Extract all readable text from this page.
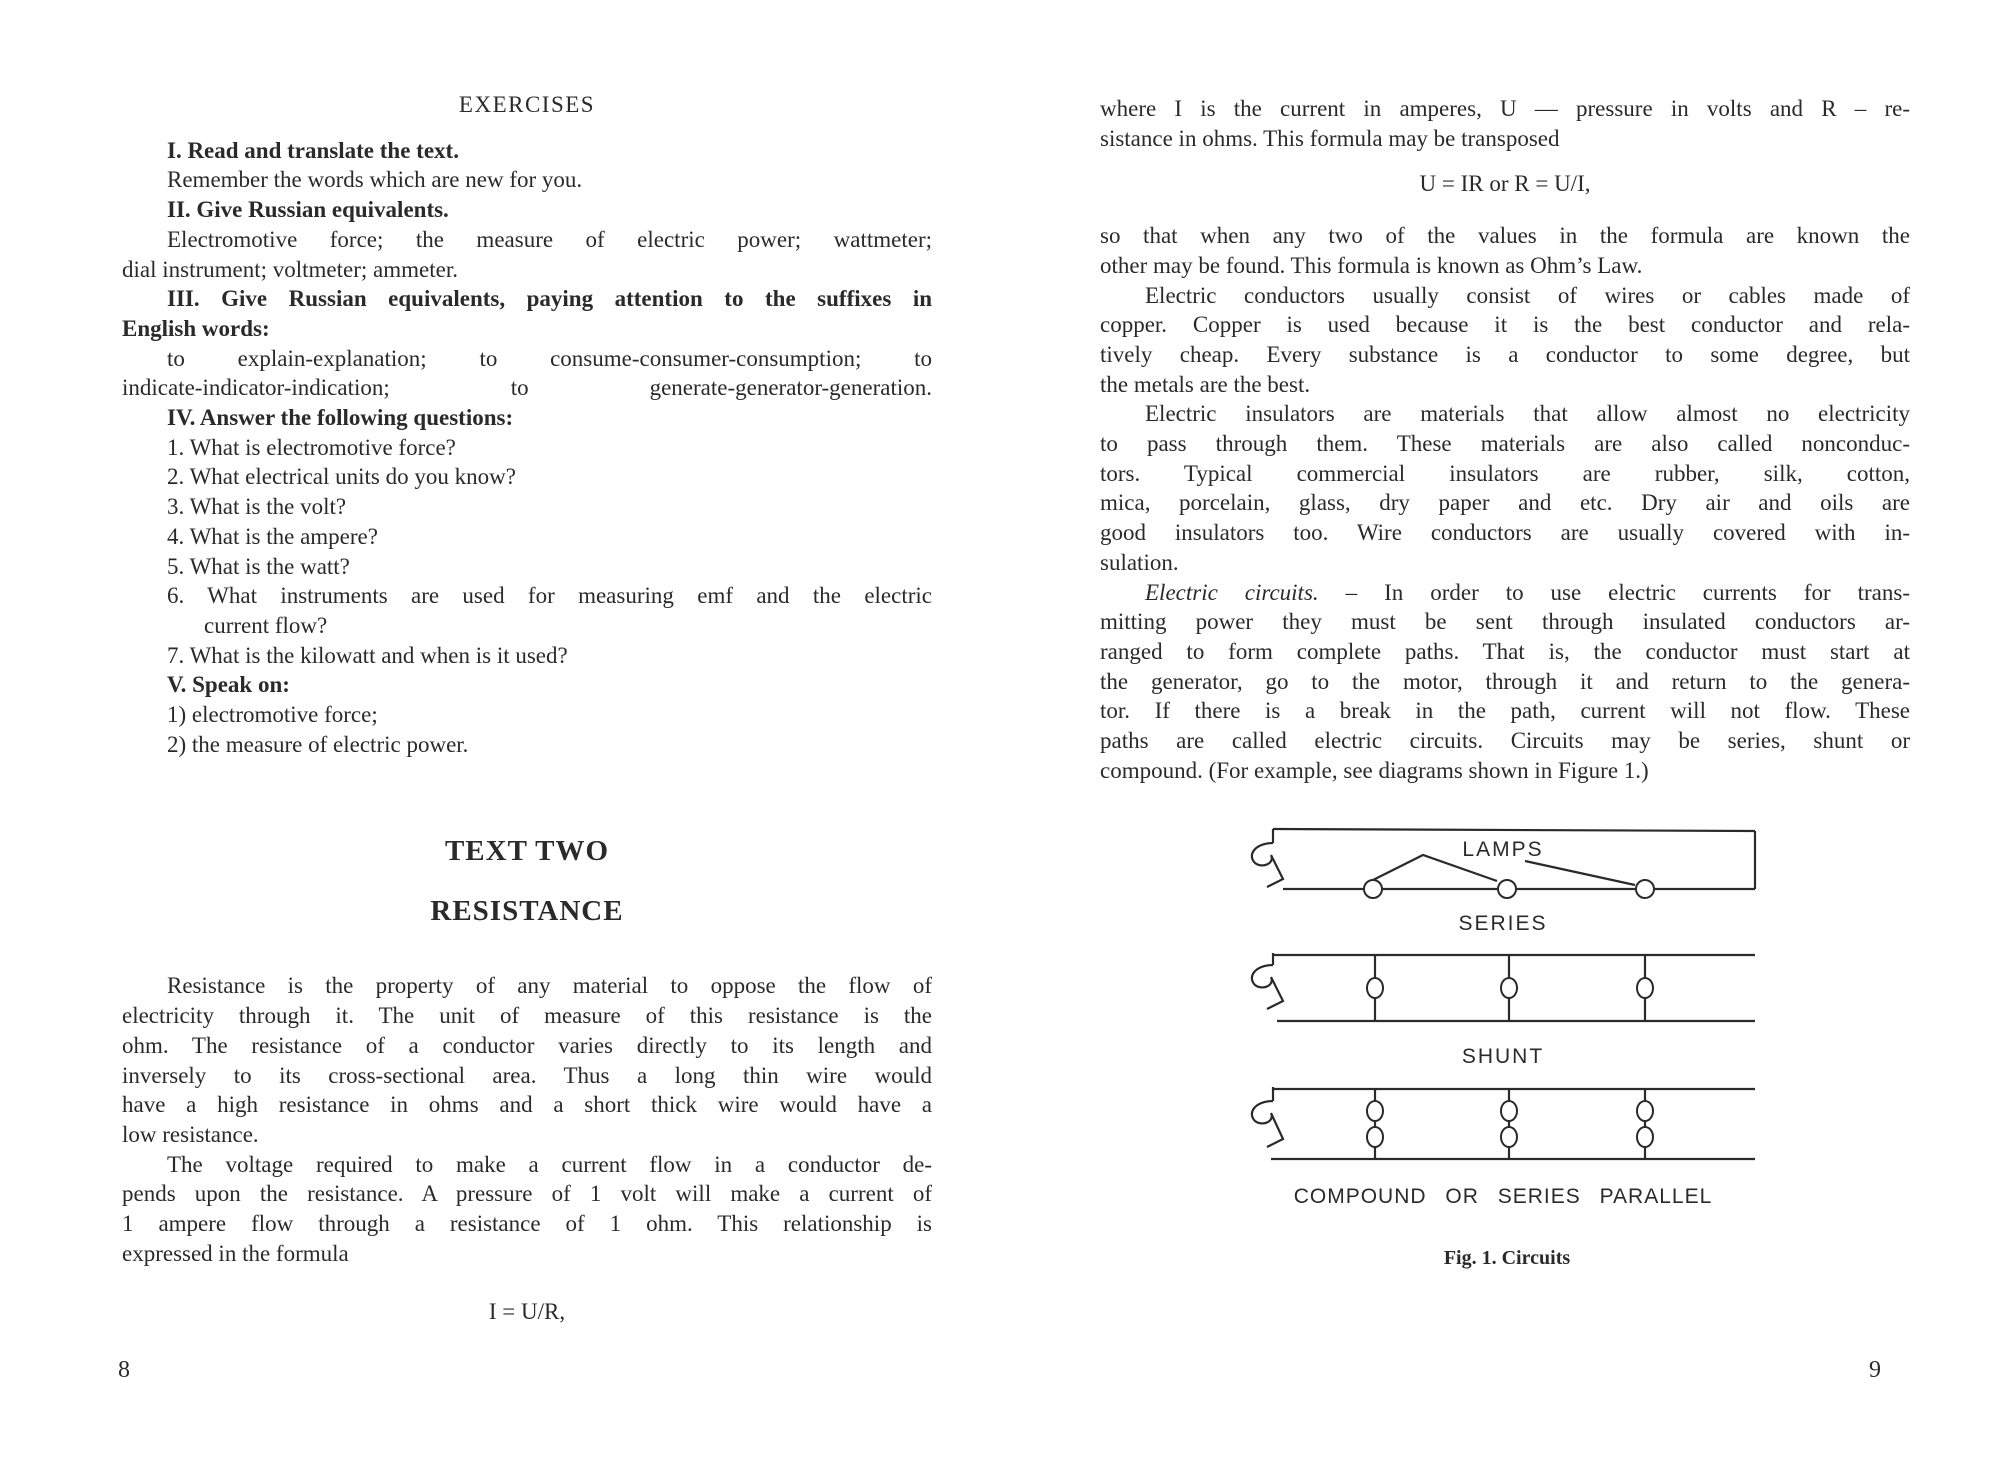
EXERCISES

I. Read and translate the text.

Remember the words which are new for you.

II. Give Russian equivalents.

Electromotive force; the measure of electric power; wattmeter;

dial instrument; voltmeter; ammeter.

III. Give Russian equivalents, paying attention to the suffixes in

English words:

to explain-explanation; to consume-consumer-consumption; to

indicate-indicator-indication; to generate-generator-generation.

IV. Answer the following questions:

1. What is electromotive force?

2. What electrical units do you know?

3. What is the volt?

4. What is the ampere?

5. What is the watt?

6. What instruments are used for measuring emf and the electric

current flow?

7. What is the kilowatt and when is it used?

V. Speak on:

1) electromotive force;

2) the measure of electric power.

TEXT TWO

RESISTANCE

Resistance is the property of any material to oppose the flow of

electricity through it. The unit of measure of this resistance is the

ohm. The resistance of a conductor varies directly to its length and

inversely to its cross-sectional area. Thus a long thin wire would

have a high resistance in ohms and a short thick wire would have a

low resistance.

The voltage required to make a current flow in a conductor de-

pends upon the resistance. A pressure of 1 volt will make a current of

1 ampere flow through a resistance of 1 ohm. This relationship is

expressed in the formula

I = U/R,

8

where I is the current in amperes, U — pressure in volts and R – re-

sistance in ohms. This formula may be transposed

U = IR or R = U/I,

so that when any two of the values in the formula are known the

other may be found. This formula is known as Ohm’s Law.

Electric conductors usually consist of wires or cables made of

copper. Copper is used because it is the best conductor and rela-

tively cheap. Every substance is a conductor to some degree, but

the metals are the best.

Electric insulators are materials that allow almost no electricity

to pass through them. These materials are also called nonconduc-

tors. Typical commercial insulators are rubber, silk, cotton,

mica, porcelain, glass, dry paper and etc. Dry air and oils are

good insulators too. Wire conductors are usually covered with in-

sulation.

Electric circuits. – In order to use electric currents for trans-

mitting power they must be sent through insulated conductors ar-

ranged to form complete paths. That is, the conductor must start at

the generator, go to the motor, through it and return to the genera-

tor. If there is a break in the path, current will not flow. These

paths are called electric circuits. Circuits may be series, shunt or

compound. (For example, see diagrams shown in Figure 1.)

LAMPS
SERIES
SHUNT
COMPOUND OR SERIES PARALLEL
Fig. 1. Circuits
9
